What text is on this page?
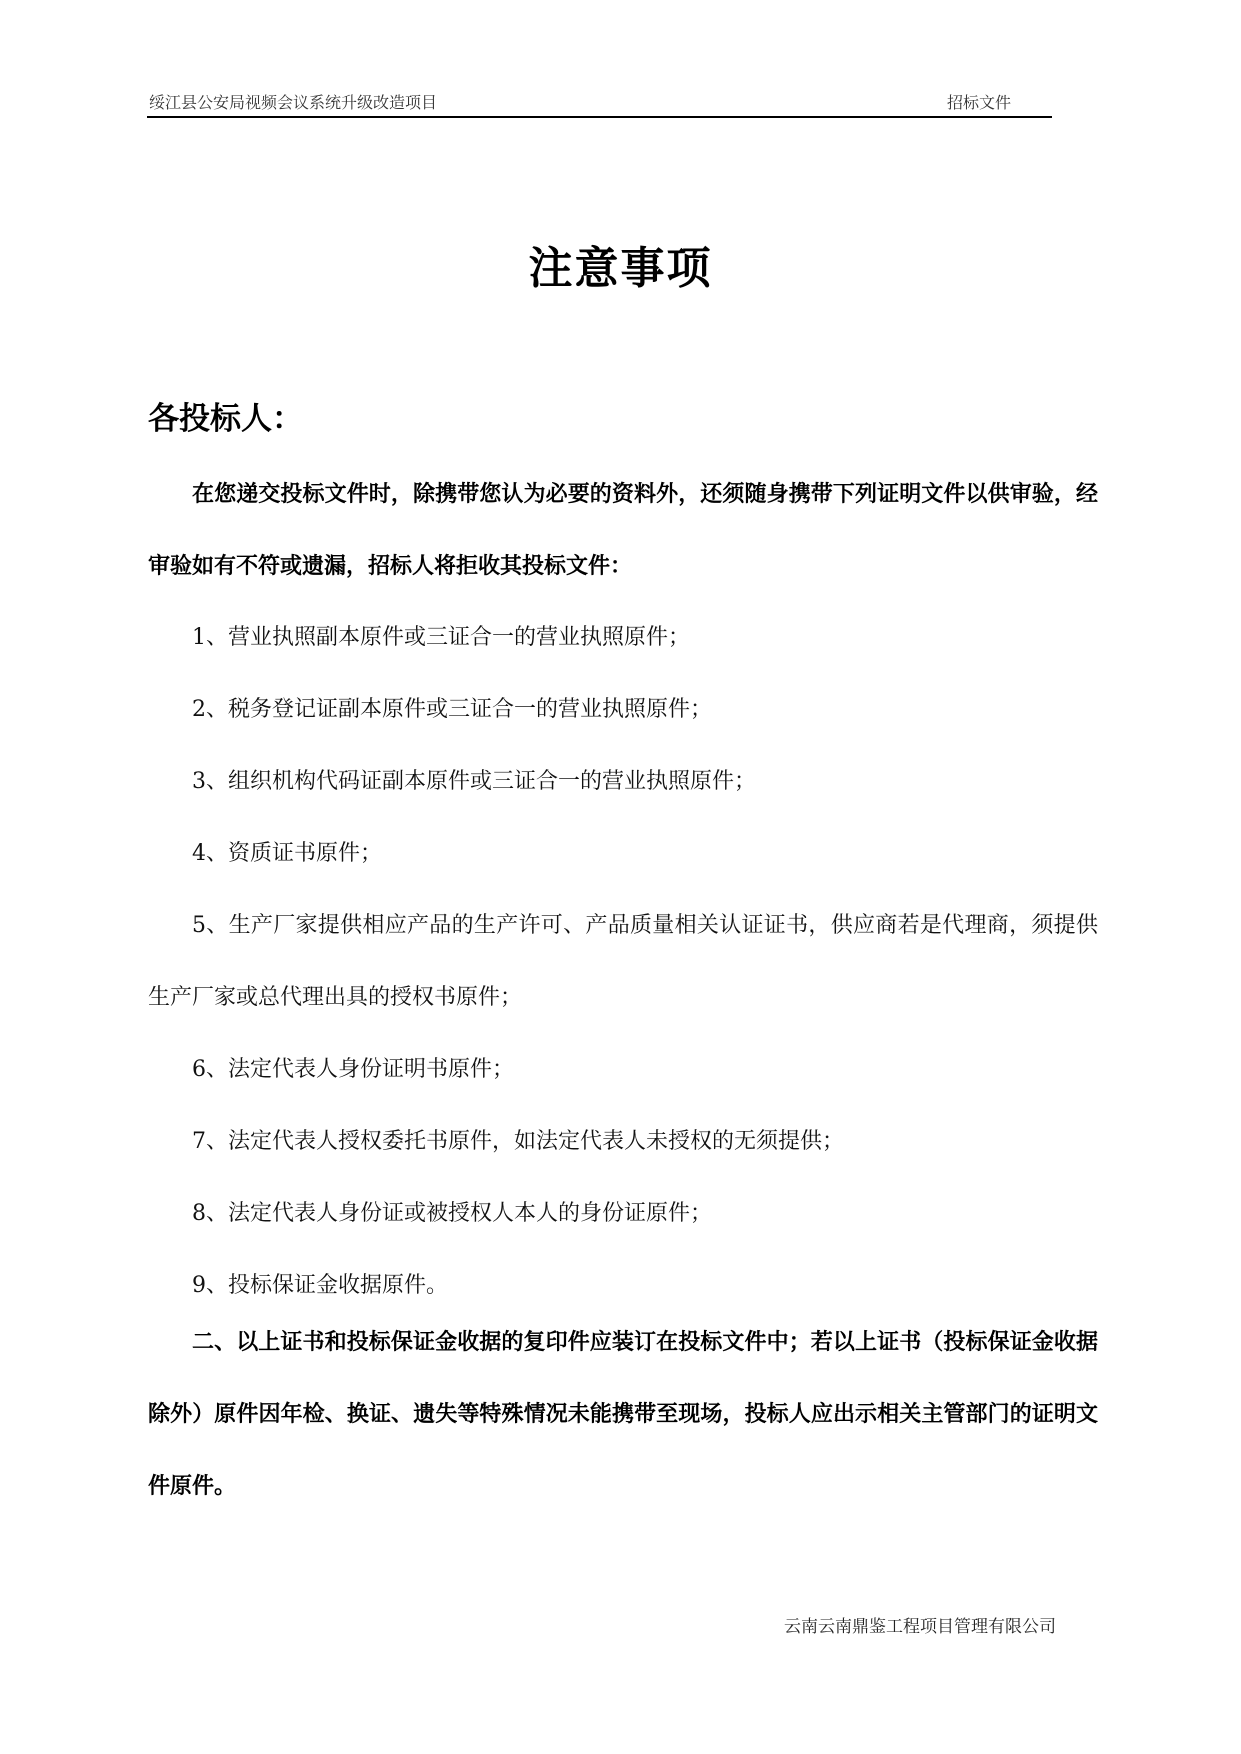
绥江县公安局视频会议系统升级改造项目	招标文件
注意事项
各投标人：

在您递交投标文件时，除携带您认为必要的资料外，还须随身携带下列证明文件以供审验，经审验如有不符或遗漏，招标人将拒收其投标文件：

1、营业执照副本原件或三证合一的营业执照原件；
2、税务登记证副本原件或三证合一的营业执照原件；
3、组织机构代码证副本原件或三证合一的营业执照原件；
4、资质证书原件；
5、生产厂家提供相应产品的生产许可、产品质量相关认证证书，供应商若是代理商，须提供生产厂家或总代理出具的授权书原件；
6、法定代表人身份证明书原件；
7、法定代表人授权委托书原件，如法定代表人未授权的无须提供；
8、法定代表人身份证或被授权人本人的身份证原件；
9、投标保证金收据原件。

二、以上证书和投标保证金收据的复印件应装订在投标文件中；若以上证书（投标保证金收据除外）原件因年检、换证、遗失等特殊情况未能携带至现场，投标人应出示相关主管部门的证明文件原件。

云南云南鼎鉴工程项目管理有限公司
